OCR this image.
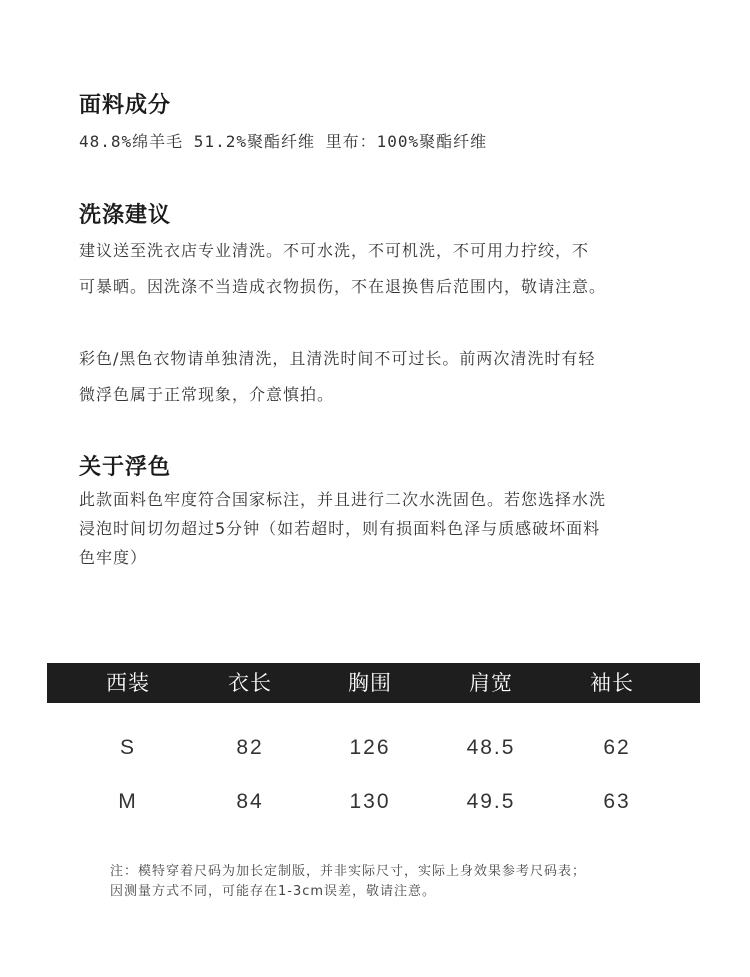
面料成分

48.8%绵羊毛 51.2%聚酯纤维 里布：100%聚酯纤维

洗涤建议

建议送至洗衣店专业清洗。不可水洗，不可机洗，不可用力拧绞，不

可暴晒。因洗涤不当造成衣物损伤，不在退换售后范围内，敬请注意。

彩色/黑色衣物请单独清洗，且清洗时间不可过长。前两次清洗时有轻

微浮色属于正常现象，介意慎拍。

关于浮色

此款面料色牢度符合国家标注，并且进行二次水洗固色。若您选择水洗

浸泡时间切勿超过5分钟（如若超时，则有损面料色泽与质感破坏面料

色牢度）

西装	衣长	胸围	肩宽	袖长
S	82	126	48.5	62
M	84	130	49.5	63

注：模特穿着尺码为加长定制版，并非实际尺寸，实际上身效果参考尺码表；

因测量方式不同，可能存在1-3cm误差，敬请注意。
